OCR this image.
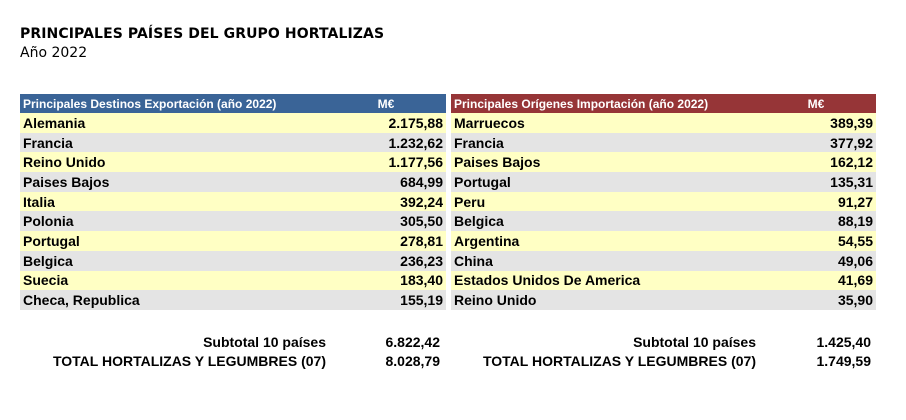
PRINCIPALES PAÍSES DEL GRUPO HORTALIZAS
Año 2022
Principales Destinos Exportación (año 2022)	M€
Alemania	2.175,88
Francia	1.232,62
Reino Unido	1.177,56
Paises Bajos	684,99
Italia	392,24
Polonia	305,50
Portugal	278,81
Belgica	236,23
Suecia	183,40
Checa, Republica	155,19
Principales Orígenes Importación (año 2022)	M€
Marruecos	389,39
Francia	377,92
Paises Bajos	162,12
Portugal	135,31
Peru	91,27
Belgica	88,19
Argentina	54,55
China	49,06
Estados Unidos De America	41,69
Reino Unido	35,90
Subtotal 10 países	6.822,42
TOTAL HORTALIZAS Y LEGUMBRES (07)	8.028,79
Subtotal 10 países	1.425,40
TOTAL HORTALIZAS Y LEGUMBRES (07)	1.749,59
